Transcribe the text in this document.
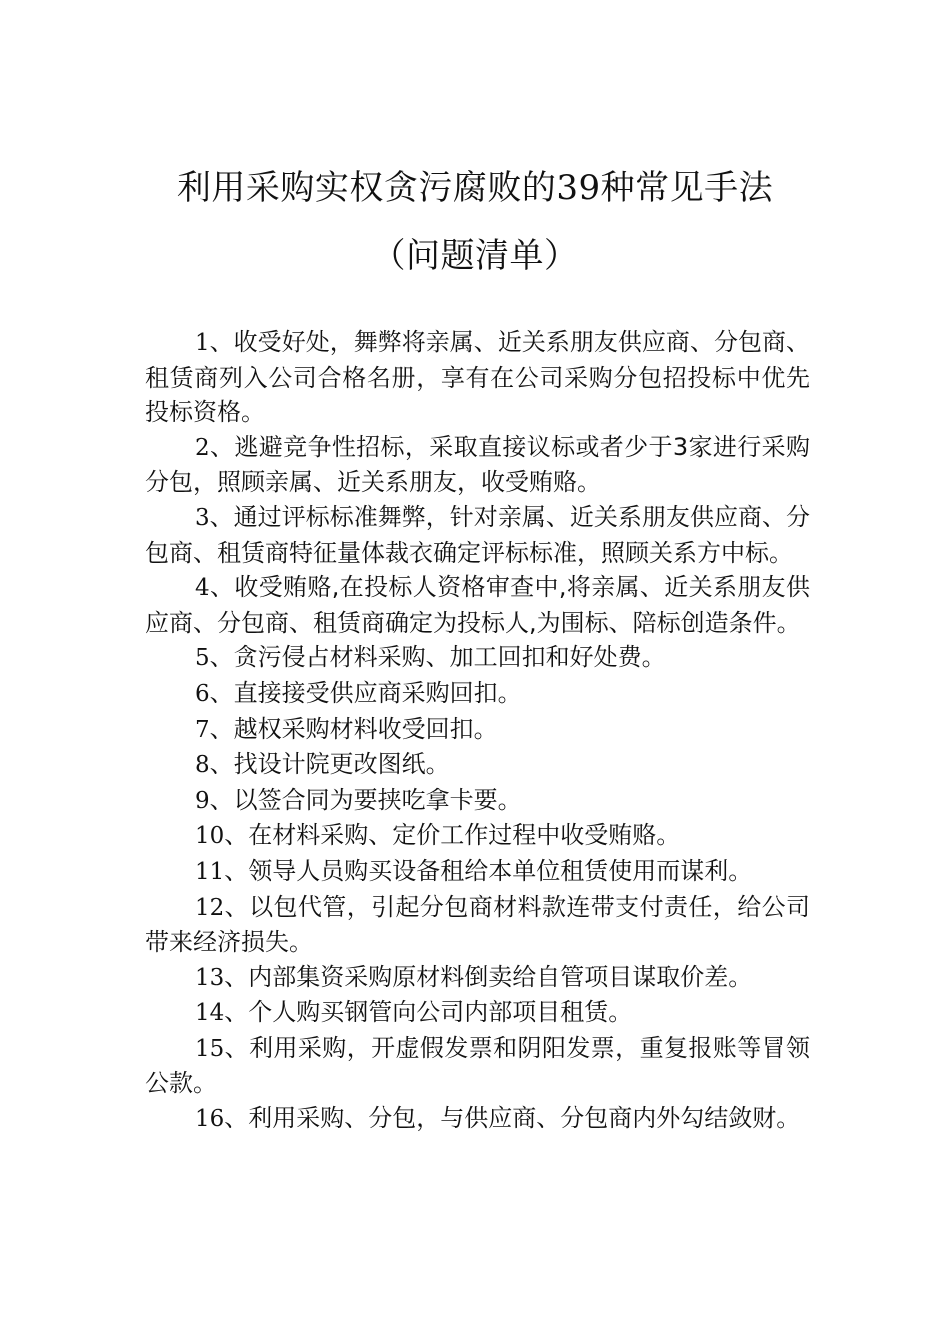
利用采购实权贪污腐败的39种常见手法
（问题清单）

1、收受好处，舞弊将亲属、近关系朋友供应商、分包商、租赁商列入公司合格名册，享有在公司采购分包招投标中优先投标资格。

2、逃避竞争性招标，采取直接议标或者少于3家进行采购分包，照顾亲属、近关系朋友，收受贿赂。

3、通过评标标准舞弊，针对亲属、近关系朋友供应商、分包商、租赁商特征量体裁衣确定评标标准，照顾关系方中标。

4、收受贿赂,在投标人资格审查中,将亲属、近关系朋友供应商、分包商、租赁商确定为投标人,为围标、陪标创造条件。

5、贪污侵占材料采购、加工回扣和好处费。

6、直接接受供应商采购回扣。

7、越权采购材料收受回扣。

8、找设计院更改图纸。

9、以签合同为要挟吃拿卡要。

10、在材料采购、定价工作过程中收受贿赂。

11、领导人员购买设备租给本单位租赁使用而谋利。

12、以包代管，引起分包商材料款连带支付责任，给公司带来经济损失。

13、内部集资采购原材料倒卖给自管项目谋取价差。

14、个人购买钢管向公司内部项目租赁。

15、利用采购，开虚假发票和阴阳发票，重复报账等冒领公款。

16、利用采购、分包，与供应商、分包商内外勾结敛财。
